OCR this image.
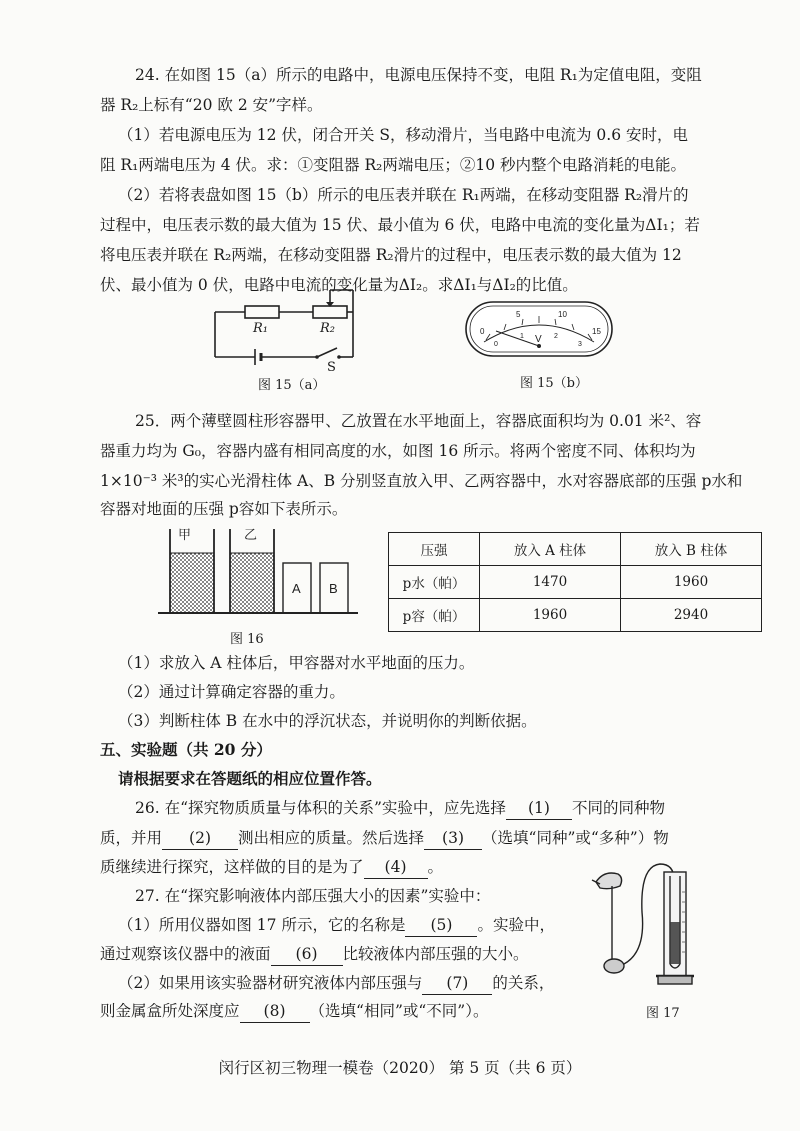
24. 在如图 15（a）所示的电路中，电源电压保持不变，电阻 R₁为定值电阻，变阻
器 R₂上标有“20 欧 2 安”字样。
（1）若电源电压为 12 伏，闭合开关 S，移动滑片，当电路中电流为 0.6 安时，电
阻 R₁两端电压为 4 伏。求：①变阻器 R₂两端电压；②10 秒内整个电路消耗的电能。
（2）若将表盘如图 15（b）所示的电压表并联在 R₁两端，在移动变阻器 R₂滑片的
过程中，电压表示数的最大值为 15 伏、最小值为 6 伏，电路中电流的变化量为ΔI₁；若
将电压表并联在 R₂两端，在移动变阻器 R₂滑片的过程中，电压表示数的最大值为 12
伏、最小值为 0 伏，电路中电流的变化量为ΔI₂。求ΔI₁与ΔI₂的比值。
R₁	R₂
S
图 15（a）
0
5	10
15
0
1	2
3
V
图 15（b）
25．两个薄壁圆柱形容器甲、乙放置在水平地面上，容器底面积均为 0.01 米²、容
器重力均为 G₀，容器内盛有相同高度的水，如图 16 所示。将两个密度不同、体积均为
1×10⁻³ 米³的实心光滑柱体 A、B 分别竖直放入甲、乙两容器中，水对容器底部的压强 p水和
容器对地面的压强 p容如下表所示。
甲	乙
A B
图 16
压强	放入 A 柱体	放入 B 柱体
p水（帕）	1470	1960
p容（帕）	1960	2940
（1）求放入 A 柱体后，甲容器对水平地面的压力。
（2）通过计算确定容器的重力。
（3）判断柱体 B 在水中的浮沉状态，并说明你的判断依据。
五、实验题（共 20 分）
请根据要求在答题纸的相应位置作答。
26. 在“探究物质质量与体积的关系”实验中，应先选择 (1) 不同的同种物
质，并用 (2) 测出相应的质量。然后选择 (3) （选填“同种”或“多种”）物
质继续进行探究，这样做的目的是为了 (4) 。
27. 在“探究影响液体内部压强大小的因素”实验中：
（1）所用仪器如图 17 所示，它的名称是 (5) 。实验中，
通过观察该仪器中的液面 (6) 比较液体内部压强的大小。
（2）如果用该实验器材研究液体内部压强与 (7) 的关系，
则金属盒所处深度应 (8) （选填“相同”或“不同”）。	图 17
闵行区初三物理一模卷（2020） 第 5 页（共 6 页）
